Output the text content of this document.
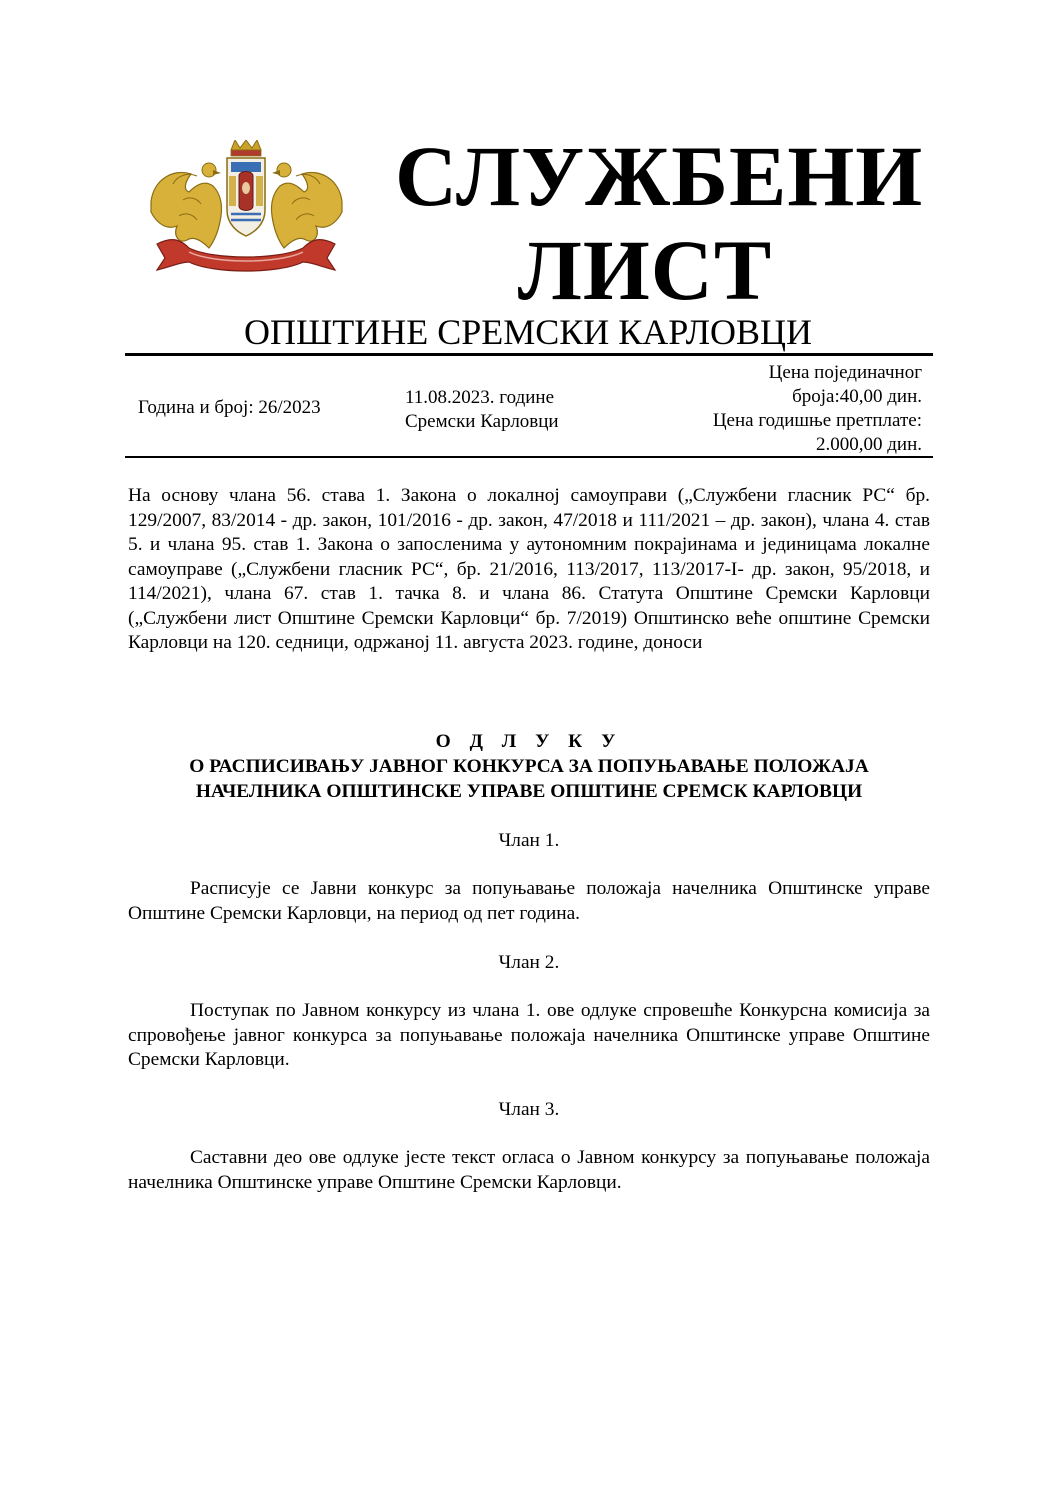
СЛУЖБЕНИ
ЛИСТ
ОПШТИНЕ СРЕМСКИ КАРЛОВЦИ
Година и број: 26/2023	11.08.2023. године
Сремски Карловци
Цена појединачног
броја:40,00 дин.
Цена годишње претплате:
2.000,00 дин.
На основу члана 56. става 1. Закона о локалној самоуправи („Службени гласник РС“ бр. 129/2007, 83/2014 - др. закон, 101/2016 - др. закон, 47/2018 и 111/2021 – др. закон), члана 4. став 5. и члана 95. став 1. Закона о запосленима у аутономним покрајинама и јединицама локалне самоуправе („Службени гласник РС“, бр. 21/2016, 113/2017, 113/2017-I- др. закон, 95/2018, и 114/2021), члана 67. став 1. тачка 8. и члана 86. Статута Општине Сремски Карловци („Службени лист Општине Сремски Карловци“ бр. 7/2019) Општинско веће општине Сремски Карловци на 120. седници, одржаној 11. августа 2023. године, доноси
О Д Л У К У
О РАСПИСИВАЊУ ЈАВНОГ КОНКУРСА ЗА ПОПУЊАВАЊЕ ПОЛОЖАЈА
НАЧЕЛНИКА ОПШТИНСКЕ УПРАВЕ ОПШТИНЕ СРЕМСК КАРЛОВЦИ
Члан 1.
Расписује се Јавни конкурс за попуњавање положаја начелника Општинске управе Општине Сремски Карловци, на период од пет година.
Члан 2.
Поступак по Јавном конкурсу из члана 1. ове одлуке спровешће Конкурсна комисија за спровођење јавног конкурса за попуњавање положаја начелника Општинске управе Општине Сремски Карловци.
Члан 3.
Саставни део ове одлуке јесте текст огласа о Јавном конкурсу за попуњавање положаја начелника Општинске управе Општине Сремски Карловци.
